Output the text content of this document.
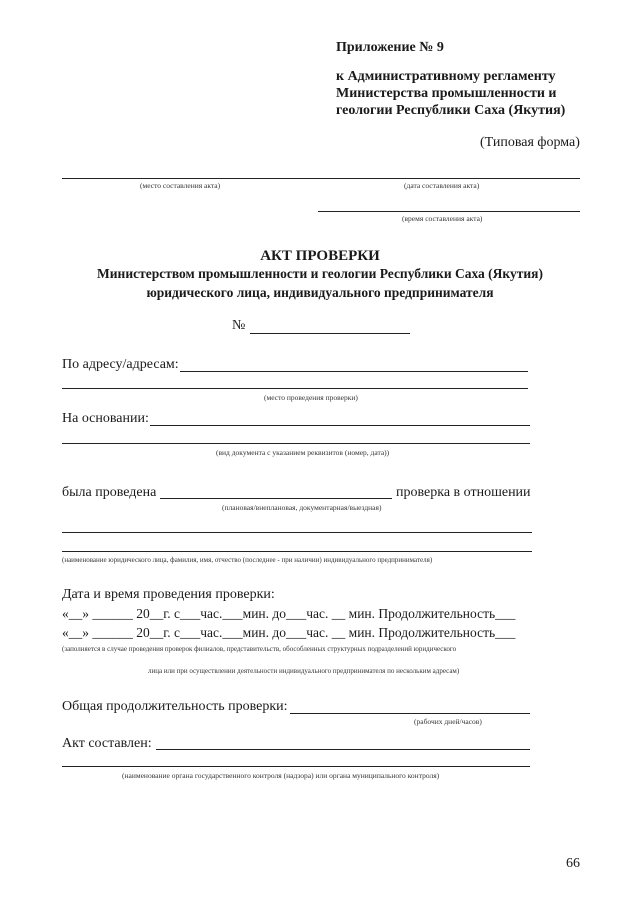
Приложение № 9
к Административному регламенту
Министерства промышленности и
геологии Республики Саха (Якутия)
(Типовая форма)
(место составления акта)	(дата составления акта)
(время составления акта)
АКТ ПРОВЕРКИ
Министерством промышленности и геологии Республики Саха (Якутия)
юридического лица, индивидуального предпринимателя
№
По адресу/адресам:
(место проведения проверки)
На основании:
(вид документа с указанием реквизитов (номер, дата))
была проведена	проверка в отношении
(плановая/внеплановая, документарная/выездная)
(наименование юридического лица, фамилия, имя, отчество (последнее - при наличии) индивидуального предпринимателя)
Дата и время проведения проверки:
«__» ______ 20__г. с___час.___мин. до___час. __ мин. Продолжительность___
«__» ______ 20__г. с___час.___мин. до___час. __ мин. Продолжительность___
(заполняется в случае проведения проверок филиалов, представительств, обособленных структурных подразделений юридического
лица или при осуществлении деятельности индивидуального предпринимателя по нескольким адресам)
Общая продолжительность проверки:
(рабочих дней/часов)
Акт составлен:
(наименование органа государственного контроля (надзора) или органа муниципального контроля)
66
